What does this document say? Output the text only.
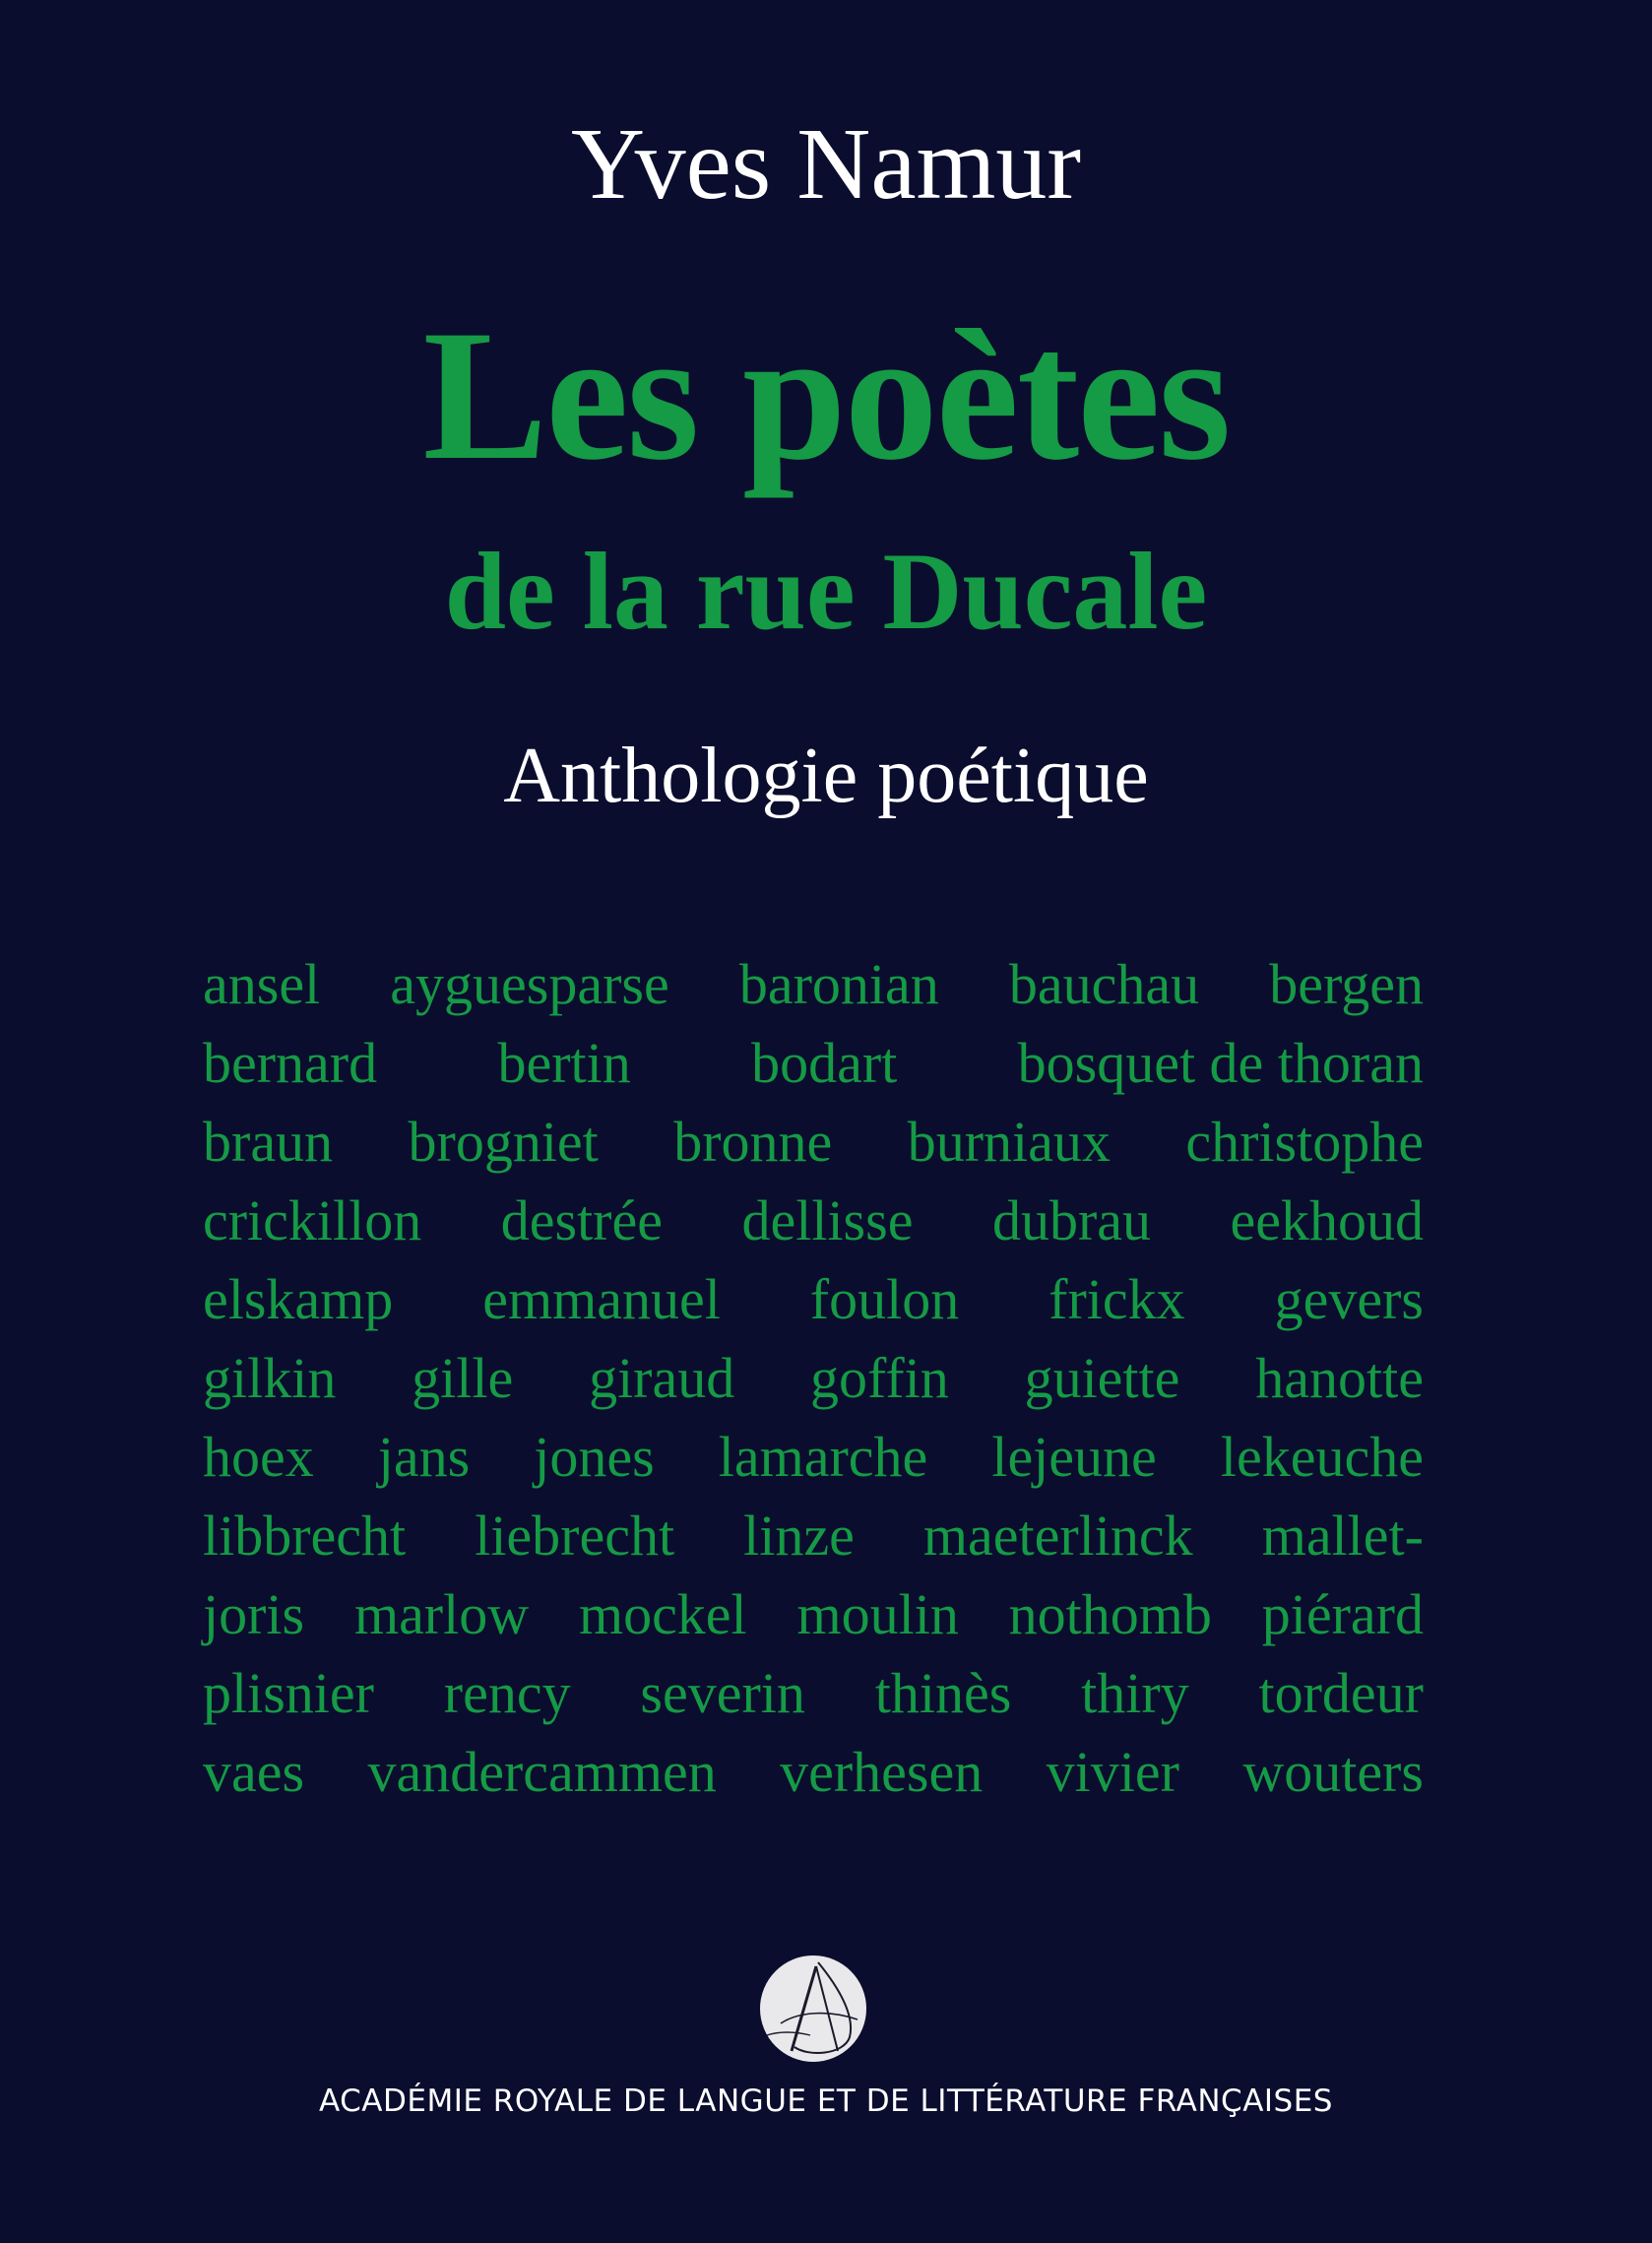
Yves Namur
Les poètes
de la rue Ducale
Anthologie poétique
ansel ayguesparse baronian bauchau bergen
bernard bertin bodart bosquet de thoran
braun brogniet bronne burniaux christophe
crickillon destrée dellisse dubrau eekhoud
elskamp emmanuel foulon frickx gevers
gilkin gille giraud goffin guiette hanotte
hoex jans jones lamarche lejeune lekeuche
libbrecht liebrecht linze maeterlinck mallet-
joris marlow mockel moulin nothomb piérard
plisnier rency severin thinès thiry tordeur
vaes vandercammen verhesen vivier wouters
ACADÉMIE ROYALE DE LANGUE ET DE LITTÉRATURE FRANÇAISES
